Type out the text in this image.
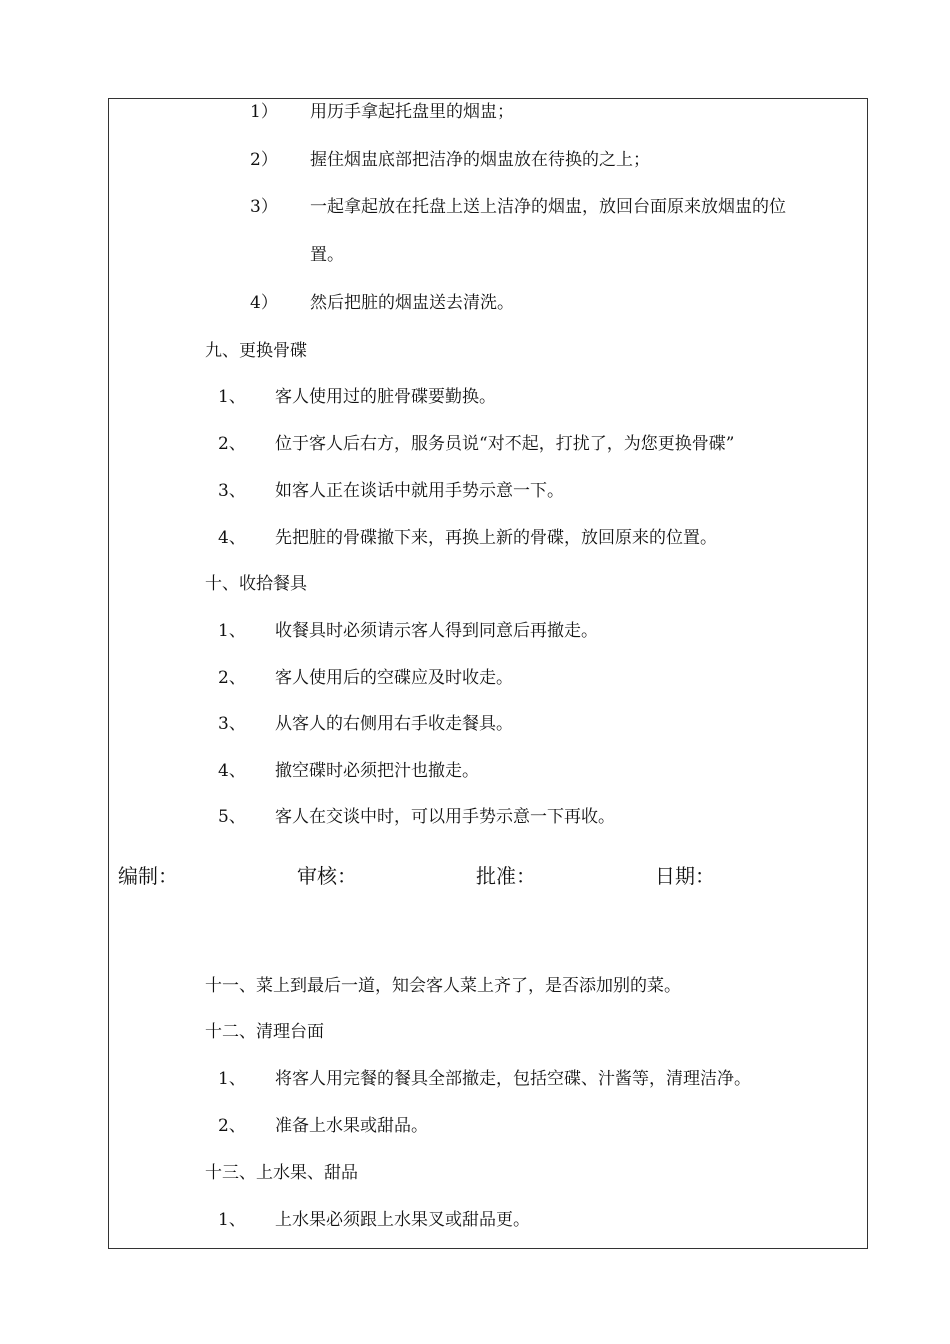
1） 用历手拿起托盘里的烟盅；
2） 握住烟盅底部把洁净的烟盅放在待换的之上；
3） 一起拿起放在托盘上送上洁净的烟盅，放回台面原来放烟盅的位
置。
4） 然后把脏的烟盅送去清洗。
九、更换骨碟
1、 客人使用过的脏骨碟要勤换。
2、 位于客人后右方，服务员说“对不起，打扰了，为您更换骨碟”
3、 如客人正在谈话中就用手势示意一下。
4、 先把脏的骨碟撤下来，再换上新的骨碟，放回原来的位置。
十、收拾餐具
1、 收餐具时必须请示客人得到同意后再撤走。
2、 客人使用后的空碟应及时收走。
3、 从客人的右侧用右手收走餐具。
4、 撤空碟时必须把汁也撤走。
5、 客人在交谈中时，可以用手势示意一下再收。
编制：	审核：	批准：	日期：
十一、菜上到最后一道，知会客人菜上齐了，是否添加别的菜。
十二、清理台面
1、 将客人用完餐的餐具全部撤走，包括空碟、汁酱等，清理洁净。
2、 准备上水果或甜品。
十三、上水果、甜品
1、 上水果必须跟上水果叉或甜品更。
